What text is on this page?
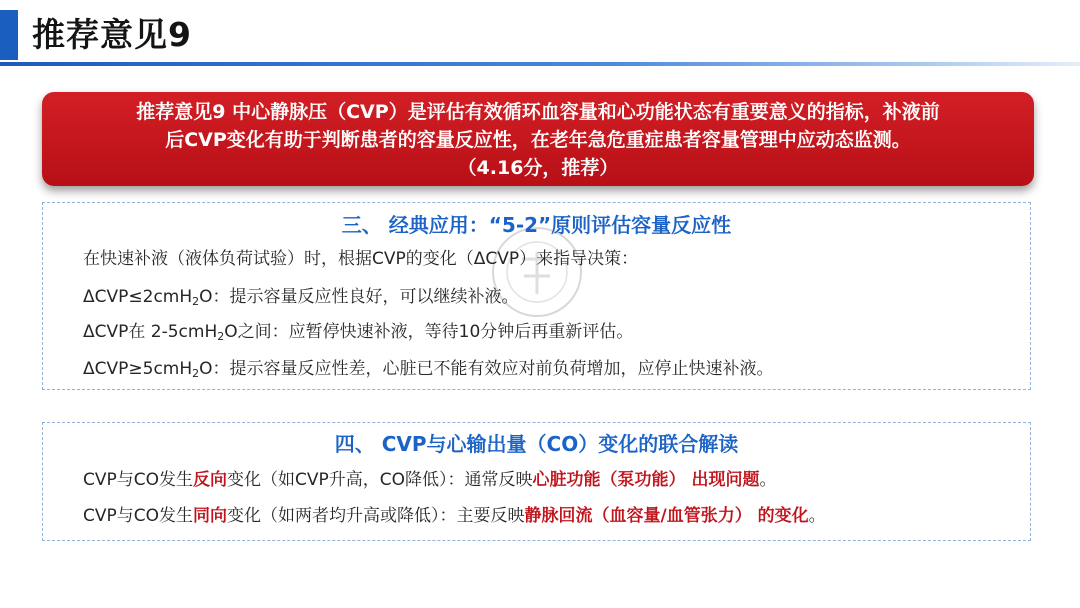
推荐意见9
推荐意见9 中心静脉压（CVP）是评估有效循环血容量和心功能状态有重要意义的指标，补液前
后CVP变化有助于判断患者的容量反应性，在老年急危重症患者容量管理中应动态监测。
（4.16分，推荐）
三、 经典应用：“5-2”原则评估容量反应性
在快速补液（液体负荷试验）时，根据CVP的变化（ΔCVP）来指导决策：
ΔCVP≤2cmH$_2$O：提示容量反应性良好，可以继续补液。
ΔCVP在 2-5cmH$_2$O之间：应暂停快速补液，等待10分钟后再重新评估。
ΔCVP≥5cmH$_2$O：提示容量反应性差，心脏已不能有效应对前负荷增加，应停止快速补液。
四、 CVP与心输出量（CO）变化的联合解读
CVP与CO发生反向变化（如CVP升高，CO降低）：通常反映心脏功能（泵功能） 出现问题。
CVP与CO发生同向变化（如两者均升高或降低）：主要反映静脉回流（血容量/血管张力） 的变化。
